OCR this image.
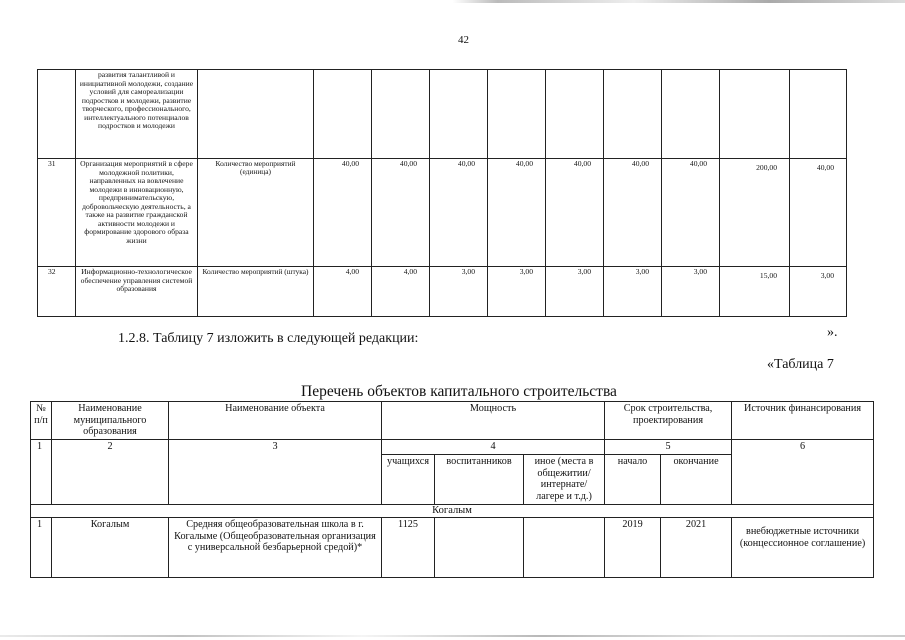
42
	развития талантливой и инициативной молодежи, создание условий для самореализации подростков и молодежи, развитие творческого, профессионального, интеллектуального потенциалов подростков и молодежи										
31	Организация мероприятий в сфере молодежной политики, направленных на вовлечение молодежи в инновационную, предпринимательскую, добровольческую деятельность, а также на развитие гражданской активности молодежи и формирование здорового образа жизни	Количество мероприятий (единица)	40,00	40,00	40,00	40,00	40,00	40,00	40,00	200,00	40,00
32	Информационно-технологическое обеспечение управления системой образования	Количество мероприятий (штука)	4,00	4,00	3,00	3,00	3,00	3,00	3,00	15,00	3,00
».
1.2.8. Таблицу 7 изложить в следующей редакции:
«Таблица 7
Перечень объектов капитального строительства
№ п/п	Наименование муниципального образования	Наименование объекта	Мощность			Срок строительства, проектирования		Источник финансирования
1	2	3	4			5		6
			учащихся	воспитанников	иное (места в общежитии/ интернате/ лагере и т.д.)	начало	окончание	
Когалым								
1	Когалым	Средняя общеобразовательная школа в г. Когалыме (Общеобразовательная организация с универсальной безбарьерной средой)*	1125			2019	2021	внебюджетные источники (концессионное соглашение)
